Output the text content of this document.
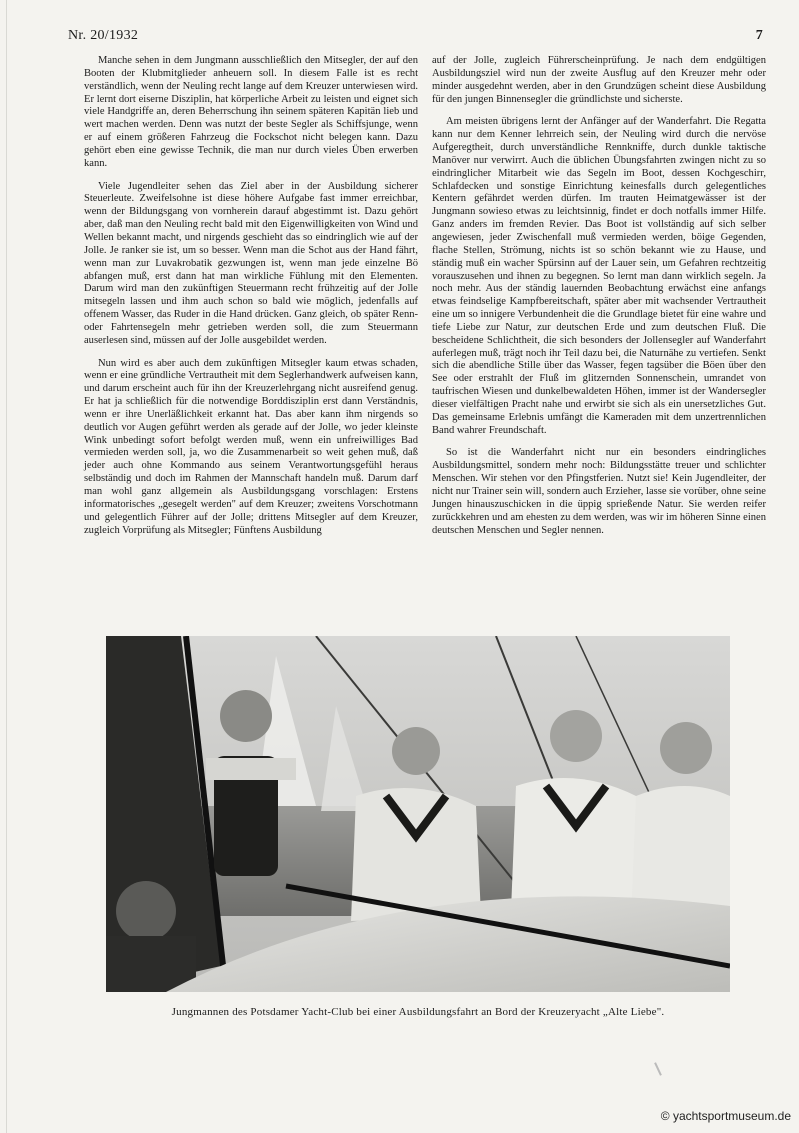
Nr. 20/1932	7

Manche sehen in dem Jungmann ausschließlich den Mitsegler, der auf den Booten der Klubmitglieder anheuern soll. In diesem Falle ist es recht verständlich, wenn der Neuling recht lange auf dem Kreuzer unterwiesen wird. Er lernt dort eiserne Disziplin, hat körperliche Arbeit zu leisten und eignet sich viele Handgriffe an, deren Beherrschung ihn seinem späteren Kapitän lieb und wert machen werden. Denn was nutzt der beste Segler als Schiffsjunge, wenn er auf einem größeren Fahrzeug die Fockschot nicht belegen kann. Dazu gehört eben eine gewisse Technik, die man nur durch vieles Üben erwerben kann.

Viele Jugendleiter sehen das Ziel aber in der Ausbildung sicherer Steuerleute. Zweifelsohne ist diese höhere Aufgabe fast immer erreichbar, wenn der Bildungsgang von vornherein darauf abgestimmt ist. Dazu gehört aber, daß man den Neuling recht bald mit den Eigenwilligkeiten von Wind und Wellen bekannt macht, und nirgends geschieht das so eindringlich wie auf der Jolle. Je ranker sie ist, um so besser. Wenn man die Schot aus der Hand fährt, wenn man zur Luvakrobatik gezwungen ist, wenn man jede einzelne Bö abfangen muß, erst dann hat man wirkliche Fühlung mit den Elementen. Darum wird man den zukünftigen Steuermann recht frühzeitig auf der Jolle mitsegeln lassen und ihm auch schon so bald wie möglich, jedenfalls auf offenem Wasser, das Ruder in die Hand drücken. Ganz gleich, ob später Renn- oder Fahrtensegeln mehr getrieben werden soll, die zum Steuermann auserlesen sind, müssen auf der Jolle ausgebildet werden.

Nun wird es aber auch dem zukünftigen Mitsegler kaum etwas schaden, wenn er eine gründliche Vertrautheit mit dem Seglerhandwerk aufweisen kann, und darum erscheint auch für ihn der Kreuzerlehrgang nicht ausreifend genug. Er hat ja schließlich für die notwendige Borddisziplin erst dann Verständnis, wenn er ihre Unerläßlichkeit erkannt hat. Das aber kann ihm nirgends so deutlich vor Augen geführt werden als gerade auf der Jolle, wo jeder kleinste Wink unbedingt sofort befolgt werden muß, wenn ein unfreiwilliges Bad vermieden werden soll, ja, wo die Zusammenarbeit so weit gehen muß, daß jeder auch ohne Kommando aus seinem Verantwortungsgefühl heraus selbständig und doch im Rahmen der Mannschaft handeln muß. Darum darf man wohl ganz allgemein als Ausbildungsgang vorschlagen: Erstens informatorisches „gesegelt werden" auf dem Kreuzer; zweitens Vorschotmann und gelegentlich Führer auf der Jolle; drittens Mitsegler auf dem Kreuzer, zugleich Vorprüfung als Mitsegler; Fünftens Ausbildung

auf der Jolle, zugleich Führerscheinprüfung. Je nach dem endgültigen Ausbildungsziel wird nun der zweite Ausflug auf den Kreuzer mehr oder minder ausgedehnt werden, aber in den Grundzügen scheint diese Ausbildung für den jungen Binnensegler die gründlichste und sicherste.

Am meisten übrigens lernt der Anfänger auf der Wanderfahrt. Die Regatta kann nur dem Kenner lehrreich sein, der Neuling wird durch die nervöse Aufgeregtheit, durch unverständliche Rennkniffe, durch dunkle taktische Manöver nur verwirrt. Auch die üblichen Übungsfahrten zwingen nicht zu so eindringlicher Mitarbeit wie das Segeln im Boot, dessen Kochgeschirr, Schlafdecken und sonstige Einrichtung keinesfalls durch gelegentliches Kentern gefährdet werden dürfen. Im trauten Heimatgewässer ist der Jungmann sowieso etwas zu leichtsinnig, findet er doch notfalls immer Hilfe. Ganz anders im fremden Revier. Das Boot ist vollständig auf sich selber angewiesen, jeder Zwischenfall muß vermieden werden, böige Gegenden, flache Stellen, Strömung, nichts ist so schön bekannt wie zu Hause, und ständig muß ein wacher Spürsinn auf der Lauer sein, um Gefahren rechtzeitig vorauszusehen und ihnen zu begegnen. So lernt man dann wirklich segeln. Ja noch mehr. Aus der ständig lauernden Beobachtung erwächst eine anfangs etwas feindselige Kampfbereitschaft, später aber mit wachsender Vertrautheit eine um so innigere Verbundenheit die die Grundlage bietet für eine wahre und tiefe Liebe zur Natur, zur deutschen Erde und zum deutschen Fluß. Die bescheidene Schlichtheit, die sich besonders der Jollensegler auf Wanderfahrt auferlegen muß, trägt noch ihr Teil dazu bei, die Naturnähe zu vertiefen. Senkt sich die abendliche Stille über das Wasser, fegen tagsüber die Böen über den See oder erstrahlt der Fluß im glitzernden Sonnenschein, umrandet von taufrischen Wiesen und dunkelbewaldeten Höhen, immer ist der Wandersegler dieser vielfältigen Pracht nahe und erwirbt sie sich als ein unersetzliches Gut. Das gemeinsame Erlebnis umfängt die Kameraden mit dem unzertrennlichen Band wahrer Freundschaft.

So ist die Wanderfahrt nicht nur ein besonders eindringliches Ausbildungsmittel, sondern mehr noch: Bildungsstätte treuer und schlichter Menschen. Wir stehen vor den Pfingstferien. Nutzt sie! Kein Jugendleiter, der nicht nur Trainer sein will, sondern auch Erzieher, lasse sie vorüber, ohne seine Jungen hinauszuschicken in die üppig sprießende Natur. Sie werden reifer zurückkehren und am ehesten zu dem werden, was wir im höheren Sinne einen deutschen Menschen und Segler nennen.

Jungmannen des Potsdamer Yacht-Club bei einer Ausbildungsfahrt an Bord der Kreuzeryacht „Alte Liebe".
© yachtsportmuseum.de
